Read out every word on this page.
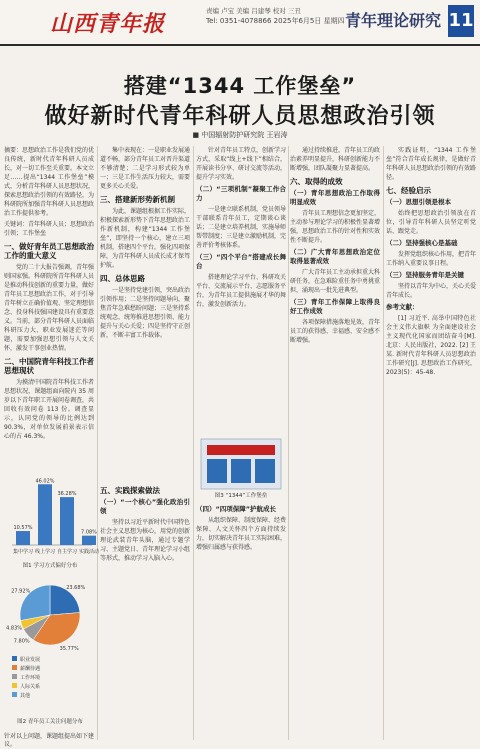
山西青年报	责编 卢宝 美编 吕建琴 校对 三丑
Tel: 0351-4078866 2025年6月5日 星期四 青年理论研究 11
搭建“1344 工作堡垒”
做好新时代青年科研人员思想政治引领
■ 中国辐射防护研究院 王岩涛

摘要：思想政治工作是我们党的优良传统，新时代青年科研人员成长，对一切工作至关重要。本文立足……提出“1344 工作堡垒”模式，分析青年科研人员思想状况，探索思想政治引领的有效路径，为科研院所加强青年科研人员思想政治工作提供参考。

关键词：青年科研人员；思想政治引领；工作堡垒

一、做好青年员工思想政治工作的重大意义

党的二十大报告强调，青年强则国家强。科研院所青年科研人员是推动科技创新的重要力量，做好青年员工思想政治工作，对于引导青年树立正确价值观、坚定理想信念、投身科技强国建设具有重要意义。当前，部分青年科研人员面临科研压力大、职业发展迷茫等问题，需要加强思想引领与人文关怀，激发干事创业热情。

二、中国院青年科技工作者思想现状

为摸清中国院青年科技工作者思想状况，课题组面向院内 35 周岁以下青年职工开展问卷调查，共回收有效问卷 113 份。调查显示，认同党的领导的比例达到 90.3%，对单位发展前景表示信心的占 46.3%。

10.57%
集中学习
46.02%
线上学习
36.28%
自主学习
7.08%
实践活动
图1 学习方式偏好分布
23.68%
35.77%
7.80%
4.83%
27.92%
职业发展
薪酬待遇
工作环境
人际关系
其他
图2 青年员工关注问题分布
针对以上问题，课题组提出如下建议。

集中表现在：一是职业发展通道不畅，部分青年员工对晋升渠道不够清楚；二是学习形式较为单一；三是工作生活压力较大，需要更多关心关爱。

三、搭建新形势新机制

为此，课题组根据工作实际，积极探索新形势下青年思想政治工作新机制，构建“1344 工作堡垒”，即坚持一个核心，建立三项机制，搭建四个平台，强化四项保障，为青年科研人员成长成才保驾护航。

四、总体思路

一是坚持党建引领，突出政治引领作用；二是坚持问题导向，聚焦青年急难愁盼问题；三是坚持系统观念，统筹推进思想引领、能力提升与关心关爱；四是坚持守正创新，不断丰富工作载体。

五、实践探索做法
（一）“一个核心”强化政治引领

坚持以习近平新时代中国特色社会主义思想为核心，用党的创新理论武装青年头脑，通过专题学习、主题党日、青年理论学习小组等形式，推动学习入脑入心。

针对青年员工特点，创新学习方式，采取“线上+线下”相结合，开展读书分享、研讨交流等活动，提升学习实效。

（二）“三项机制”凝聚工作合力

一是建立联系机制，党员领导干部联系青年员工，定期谈心谈话；二是建立培养机制，实施导师帮带制度；三是建立激励机制，完善评价考核体系。

（三）“四个平台”搭建成长舞台

搭建理论学习平台、科研攻关平台、交流展示平台、志愿服务平台，为青年员工提供施展才华的舞台，激发创新活力。

图3 “1344”工作堡垒
（四）“四项保障”护航成长

从组织保障、制度保障、经费保障、人文关怀四个方面持续发力，切实解决青年员工实际困难，增强归属感与获得感。

通过持续推进，青年员工的政治素养明显提升，科研创新能力不断增强，团队凝聚力显著提高。

六、取得的成效
（一）青年思想政治工作取得明显成效

青年员工理想信念更加坚定，主动参与理论学习的积极性显著增强，思想政治工作的针对性和实效性不断提升。

（二）广大青年思想政治定位取得显著成效

广大青年员工主动承担重大科研任务，在急难险重任务中勇挑重担，涌现出一批先进典型。

（三）青年工作保障上取得良好工作成效

各项保障措施落地见效，青年员工的获得感、幸福感、安全感不断增强。

实践证明，“1344 工作堡垒”符合青年成长规律，是做好青年科研人员思想政治引领的有效路径。

七、经验启示
（一）思想引领是根本

始终把思想政治引领放在首位，引导青年科研人员坚定听党话、跟党走。

（二）坚持强核心是基础

发挥党组织核心作用，把青年工作纳入重要议事日程。

（三）坚持服务青年是关键

坚持以青年为中心，关心关爱青年成长。

参考文献：

[1] 习近平. 高举中国特色社会主义伟大旗帜 为全面建设社会主义现代化国家而团结奋斗[M]. 北京：人民出版社，2022. [2] 王某. 新时代青年科研人员思想政治工作研究[J]. 思想政治工作研究，2023(5)：45-48.
